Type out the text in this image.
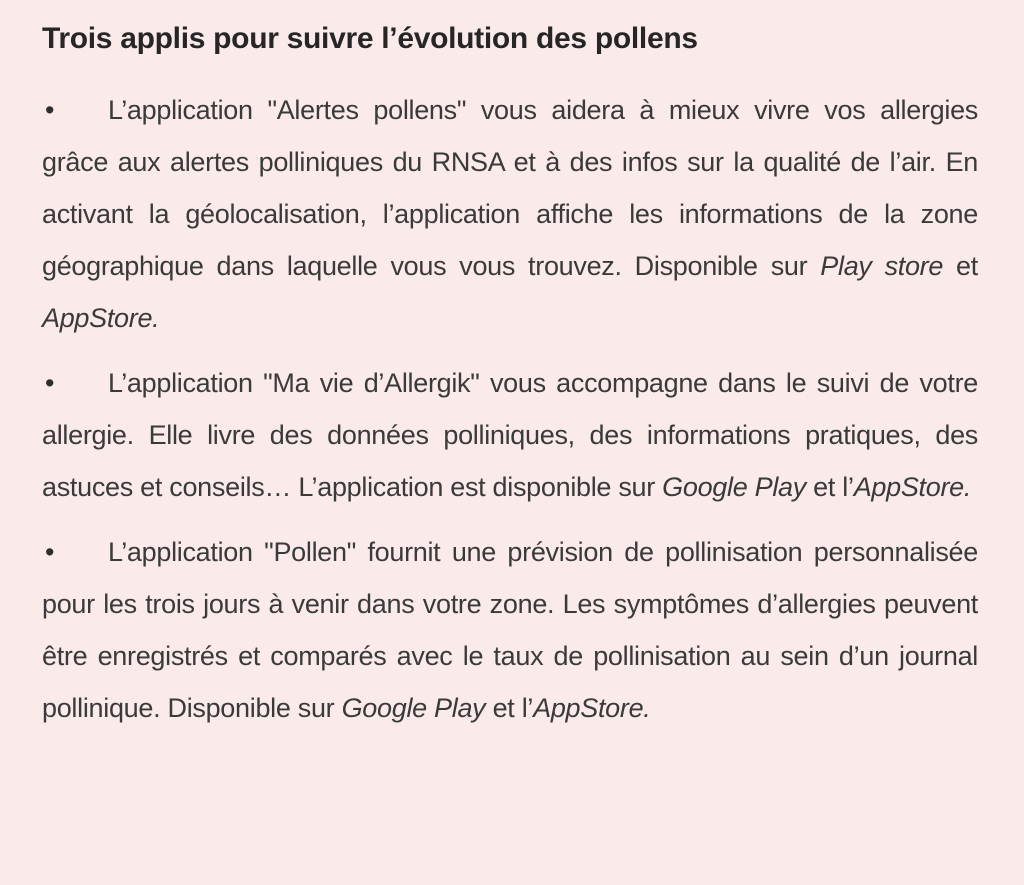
Trois applis pour suivre l’évolution des pollens
• L’application "Alertes pollens" vous aidera à mieux vivre vos allergies grâce aux alertes polliniques du RNSA et à des infos sur la qualité de l’air. En activant la géolocalisation, l’application affiche les informations de la zone géographique dans laquelle vous vous trouvez. Disponible sur Play store et AppStore.
• L’application "Ma vie d’Allergik" vous accompagne dans le suivi de votre allergie. Elle livre des données polliniques, des informations pratiques, des astuces et conseils… L’application est disponible sur Google Play et l’AppStore.
• L’application "Pollen" fournit une prévision de pollinisation personnalisée pour les trois jours à venir dans votre zone. Les symptômes d’allergies peuvent être enregistrés et comparés avec le taux de pollinisation au sein d’un journal pollinique. Disponible sur Google Play et l’AppStore.
